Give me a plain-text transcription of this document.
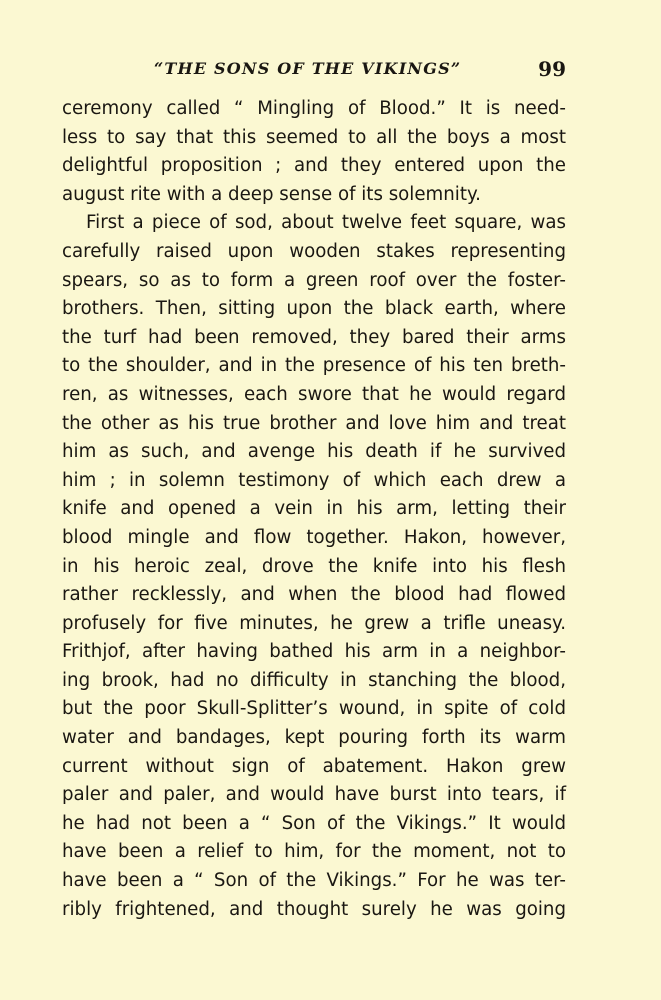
“THE SONS OF THE VIKINGS”	99
ceremony called “ Mingling of Blood.” It is need-
less to say that this seemed to all the boys a most
delightful proposition ; and they entered upon the
august rite with a deep sense of its solemnity.
First a piece of sod, about twelve feet square, was
carefully raised upon wooden stakes representing
spears, so as to form a green roof over the foster-
brothers. Then, sitting upon the black earth, where
the turf had been removed, they bared their arms
to the shoulder, and in the presence of his ten breth-
ren, as witnesses, each swore that he would regard
the other as his true brother and love him and treat
him as such, and avenge his death if he survived
him ; in solemn testimony of which each drew a
knife and opened a vein in his arm, letting their
blood mingle and flow together. Hakon, however,
in his heroic zeal, drove the knife into his flesh
rather recklessly, and when the blood had flowed
profusely for five minutes, he grew a trifle uneasy.
Frithjof, after having bathed his arm in a neighbor-
ing brook, had no difficulty in stanching the blood,
but the poor Skull-Splitter’s wound, in spite of cold
water and bandages, kept pouring forth its warm
current without sign of abatement. Hakon grew
paler and paler, and would have burst into tears, if
he had not been a “ Son of the Vikings.” It would
have been a relief to him, for the moment, not to
have been a “ Son of the Vikings.” For he was ter-
ribly frightened, and thought surely he was going
